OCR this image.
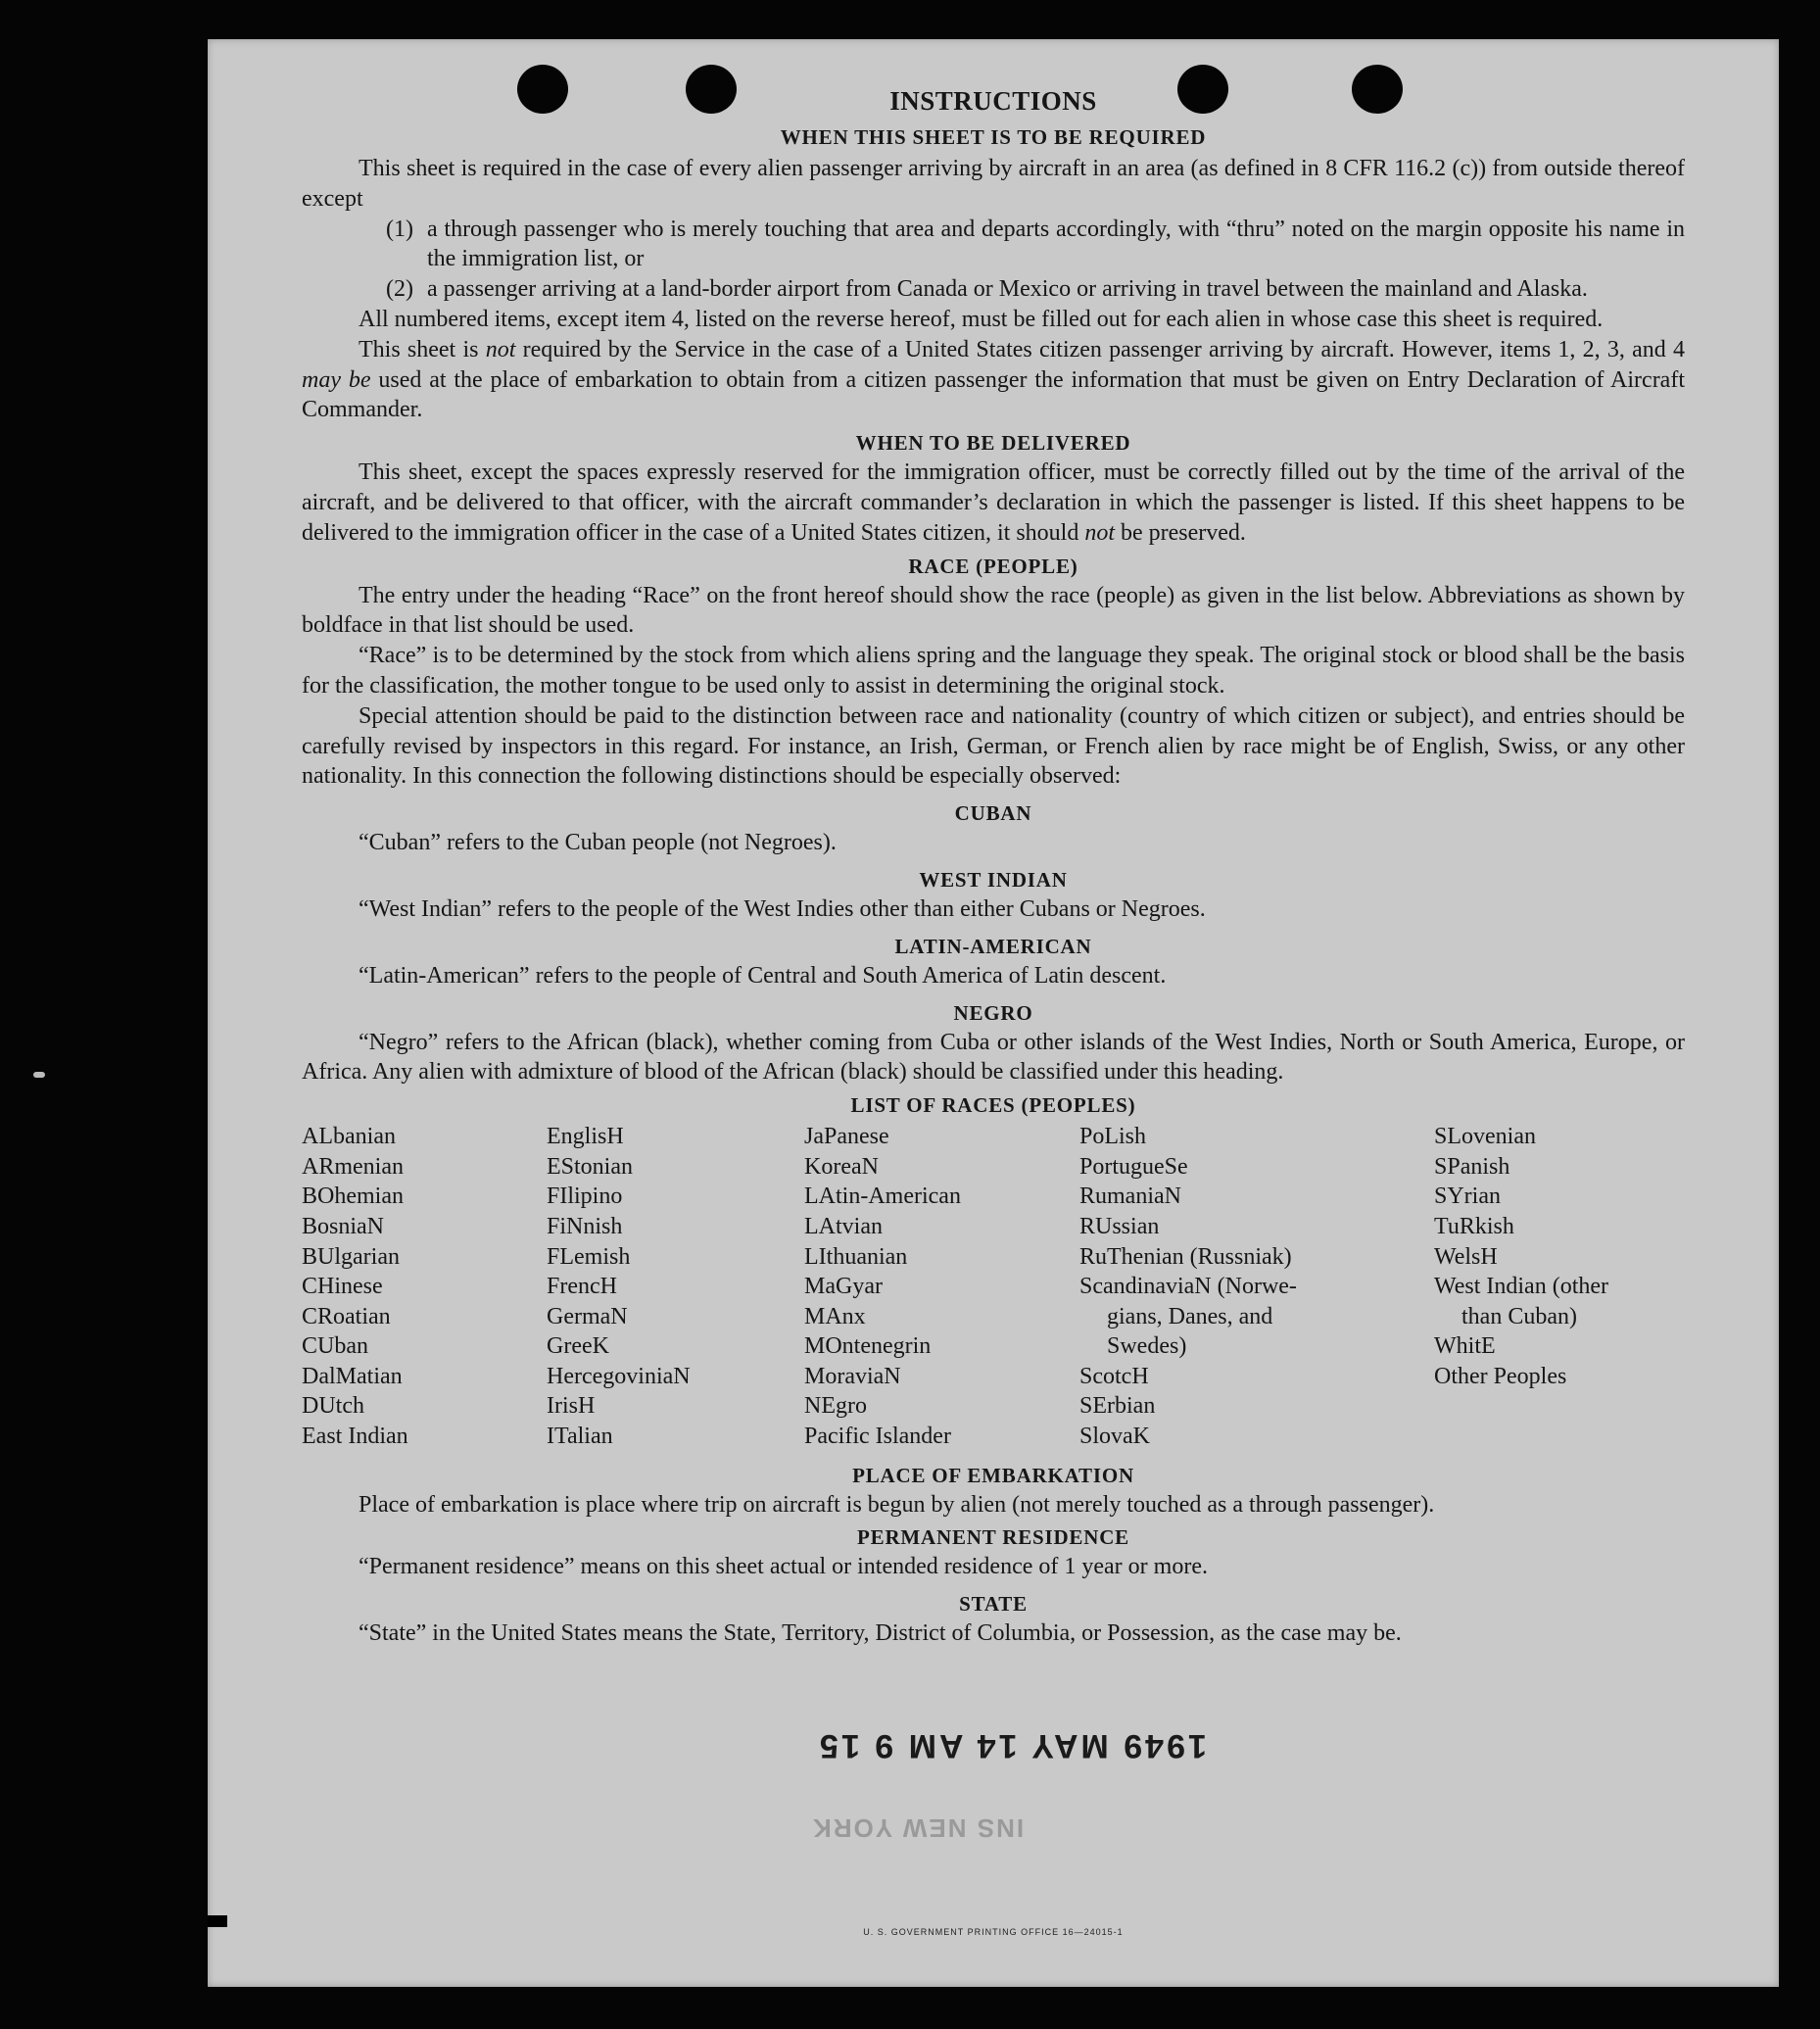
INSTRUCTIONS
WHEN THIS SHEET IS TO BE REQUIRED

This sheet is required in the case of every alien passenger arriving by aircraft in an area (as defined in 8 CFR 116.2 (c)) from outside thereof except

(1) a through passenger who is merely touching that area and departs accordingly, with “thru” noted on the margin opposite his name in the immigration list, or
(2) a passenger arriving at a land-border airport from Canada or Mexico or arriving in travel between the mainland and Alaska.

All numbered items, except item 4, listed on the reverse hereof, must be filled out for each alien in whose case this sheet is required.

This sheet is not required by the Service in the case of a United States citizen passenger arriving by aircraft. However, items 1, 2, 3, and 4 may be used at the place of embarkation to obtain from a citizen passenger the information that must be given on Entry Declaration of Aircraft Commander.

WHEN TO BE DELIVERED

This sheet, except the spaces expressly reserved for the immigration officer, must be correctly filled out by the time of the arrival of the aircraft, and be delivered to that officer, with the aircraft commander’s declaration in which the passenger is listed. If this sheet happens to be delivered to the immigration officer in the case of a United States citizen, it should not be preserved.

RACE (PEOPLE)

The entry under the heading “Race” on the front hereof should show the race (people) as given in the list below. Abbreviations as shown by boldface in that list should be used.

“Race” is to be determined by the stock from which aliens spring and the language they speak. The original stock or blood shall be the basis for the classification, the mother tongue to be used only to assist in determining the original stock.

Special attention should be paid to the distinction between race and nationality (country of which citizen or subject), and entries should be carefully revised by inspectors in this regard. For instance, an Irish, German, or French alien by race might be of English, Swiss, or any other nationality. In this connection the following distinctions should be especially observed:

CUBAN

“Cuban” refers to the Cuban people (not Negroes).

WEST INDIAN

“West Indian” refers to the people of the West Indies other than either Cubans or Negroes.

LATIN-AMERICAN

“Latin-American” refers to the people of Central and South America of Latin descent.

NEGRO

“Negro” refers to the African (black), whether coming from Cuba or other islands of the West Indies, North or South America, Europe, or Africa. Any alien with admixture of blood of the African (black) should be classified under this heading.

LIST OF RACES (PEOPLES)
ALbanian
ARmenian
BOhemian
BosniaN
BUlgarian
CHinese
CRoatian
CUban
DalMatian
DUtch
East Indian
EnglisH
EStonian
FIlipino
FiNnish
FLemish
FrencH
GermaN
GreeK
HercegoviniaN
IrisH
ITalian
JaPanese
KoreaN
LAtin-American
LAtvian
LIthuanian
MaGyar
MAnx
MOntenegrin
MoraviaN
NEgro
Pacific Islander
PoLish
PortugueSe
RumaniaN
RUssian
RuThenian (Russniak)
ScandinaviaN (Norwe-
gians, Danes, and
Swedes)
ScotcH
SErbian
SlovaK
SLovenian
SPanish
SYrian
TuRkish
WelsH
West Indian (other
than Cuban)
WhitE
Other Peoples
PLACE OF EMBARKATION

Place of embarkation is place where trip on aircraft is begun by alien (not merely touched as a through passenger).

PERMANENT RESIDENCE

“Permanent residence” means on this sheet actual or intended residence of 1 year or more.

STATE

“State” in the United States means the State, Territory, District of Columbia, or Possession, as the case may be.

1949 MAY 14 AM 9 15
INS NEW YORK
U. S. GOVERNMENT PRINTING OFFICE 16—24015-1
